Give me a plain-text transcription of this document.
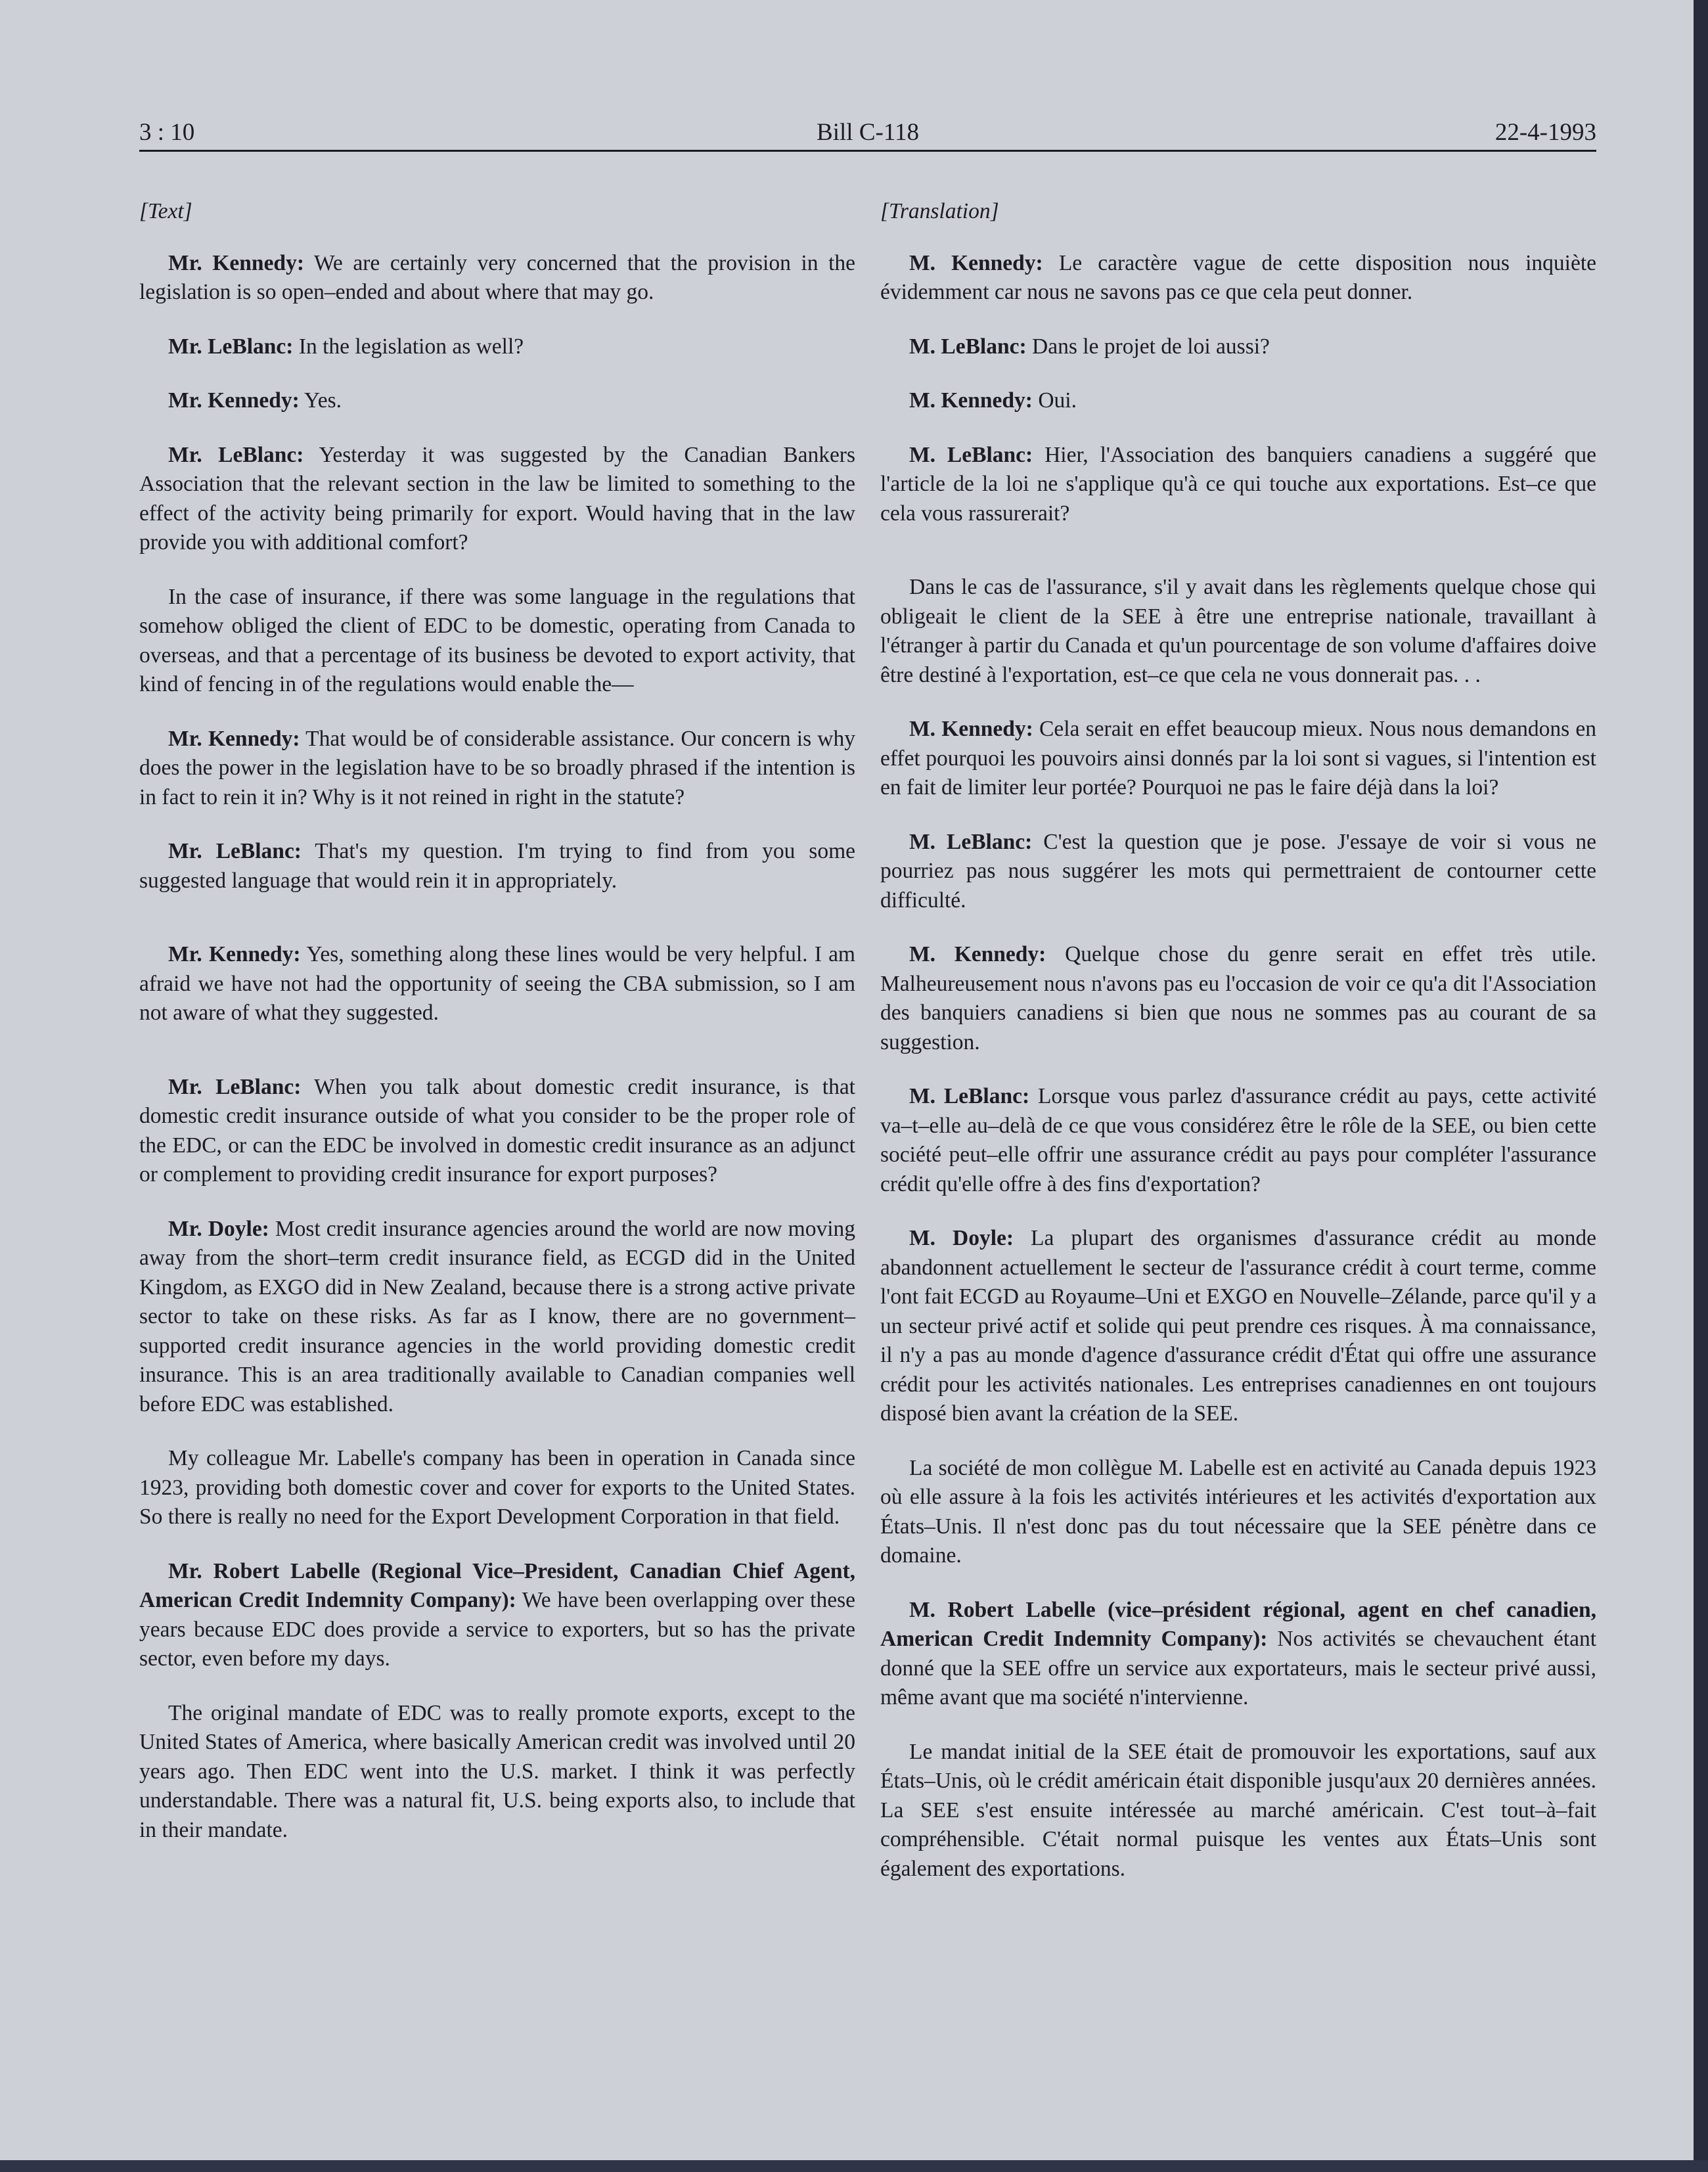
3 : 10	Bill C-118	22-4-1993
[Text]

Mr. Kennedy: We are certainly very concerned that the provision in the legislation is so open–ended and about where that may go.

Mr. LeBlanc: In the legislation as well?

Mr. Kennedy: Yes.

Mr. LeBlanc: Yesterday it was suggested by the Canadian Bankers Association that the relevant section in the law be limited to something to the effect of the activity being primarily for export. Would having that in the law provide you with additional comfort?

In the case of insurance, if there was some language in the regulations that somehow obliged the client of EDC to be domestic, operating from Canada to overseas, and that a percentage of its business be devoted to export activity, that kind of fencing in of the regulations would enable the—

Mr. Kennedy: That would be of considerable assistance. Our concern is why does the power in the legislation have to be so broadly phrased if the intention is in fact to rein it in? Why is it not reined in right in the statute?

Mr. LeBlanc: That's my question. I'm trying to find from you some suggested language that would rein it in appropriately.

Mr. Kennedy: Yes, something along these lines would be very helpful. I am afraid we have not had the opportunity of seeing the CBA submission, so I am not aware of what they suggested.

Mr. LeBlanc: When you talk about domestic credit insurance, is that domestic credit insurance outside of what you consider to be the proper role of the EDC, or can the EDC be involved in domestic credit insurance as an adjunct or complement to providing credit insurance for export purposes?

Mr. Doyle: Most credit insurance agencies around the world are now moving away from the short–term credit insurance field, as ECGD did in the United Kingdom, as EXGO did in New Zealand, because there is a strong active private sector to take on these risks. As far as I know, there are no government–supported credit insurance agencies in the world providing domestic credit insurance. This is an area traditionally available to Canadian companies well before EDC was established.

My colleague Mr. Labelle's company has been in operation in Canada since 1923, providing both domestic cover and cover for exports to the United States. So there is really no need for the Export Development Corporation in that field.

Mr. Robert Labelle (Regional Vice–President, Canadian Chief Agent, American Credit Indemnity Company): We have been overlapping over these years because EDC does provide a service to exporters, but so has the private sector, even before my days.

The original mandate of EDC was to really promote exports, except to the United States of America, where basically American credit was involved until 20 years ago. Then EDC went into the U.S. market. I think it was perfectly understandable. There was a natural fit, U.S. being exports also, to include that in their mandate.

[Translation]

M. Kennedy: Le caractère vague de cette disposition nous inquiète évidemment car nous ne savons pas ce que cela peut donner.

M. LeBlanc: Dans le projet de loi aussi?

M. Kennedy: Oui.

M. LeBlanc: Hier, l'Association des banquiers canadiens a suggéré que l'article de la loi ne s'applique qu'à ce qui touche aux exportations. Est–ce que cela vous rassurerait?

Dans le cas de l'assurance, s'il y avait dans les règlements quelque chose qui obligeait le client de la SEE à être une entreprise nationale, travaillant à l'étranger à partir du Canada et qu'un pourcentage de son volume d'affaires doive être destiné à l'exportation, est–ce que cela ne vous donnerait pas. . .

M. Kennedy: Cela serait en effet beaucoup mieux. Nous nous demandons en effet pourquoi les pouvoirs ainsi donnés par la loi sont si vagues, si l'intention est en fait de limiter leur portée? Pourquoi ne pas le faire déjà dans la loi?

M. LeBlanc: C'est la question que je pose. J'essaye de voir si vous ne pourriez pas nous suggérer les mots qui permettraient de contourner cette difficulté.

M. Kennedy: Quelque chose du genre serait en effet très utile. Malheureusement nous n'avons pas eu l'occasion de voir ce qu'a dit l'Association des banquiers canadiens si bien que nous ne sommes pas au courant de sa suggestion.

M. LeBlanc: Lorsque vous parlez d'assurance crédit au pays, cette activité va–t–elle au–delà de ce que vous considérez être le rôle de la SEE, ou bien cette société peut–elle offrir une assurance crédit au pays pour compléter l'assurance crédit qu'elle offre à des fins d'exportation?

M. Doyle: La plupart des organismes d'assurance crédit au monde abandonnent actuellement le secteur de l'assurance crédit à court terme, comme l'ont fait ECGD au Royaume–Uni et EXGO en Nouvelle–Zélande, parce qu'il y a un secteur privé actif et solide qui peut prendre ces risques. À ma connaissance, il n'y a pas au monde d'agence d'assurance crédit d'État qui offre une assurance crédit pour les activités nationales. Les entreprises canadiennes en ont toujours disposé bien avant la création de la SEE.

La société de mon collègue M. Labelle est en activité au Canada depuis 1923 où elle assure à la fois les activités intérieures et les activités d'exportation aux États–Unis. Il n'est donc pas du tout nécessaire que la SEE pénètre dans ce domaine.

M. Robert Labelle (vice–président régional, agent en chef canadien, American Credit Indemnity Company): Nos activités se chevauchent étant donné que la SEE offre un service aux exportateurs, mais le secteur privé aussi, même avant que ma société n'intervienne.

Le mandat initial de la SEE était de promouvoir les exportations, sauf aux États–Unis, où le crédit américain était disponible jusqu'aux 20 dernières années. La SEE s'est ensuite intéressée au marché américain. C'est tout–à–fait compréhensible. C'était normal puisque les ventes aux États–Unis sont également des exportations.
